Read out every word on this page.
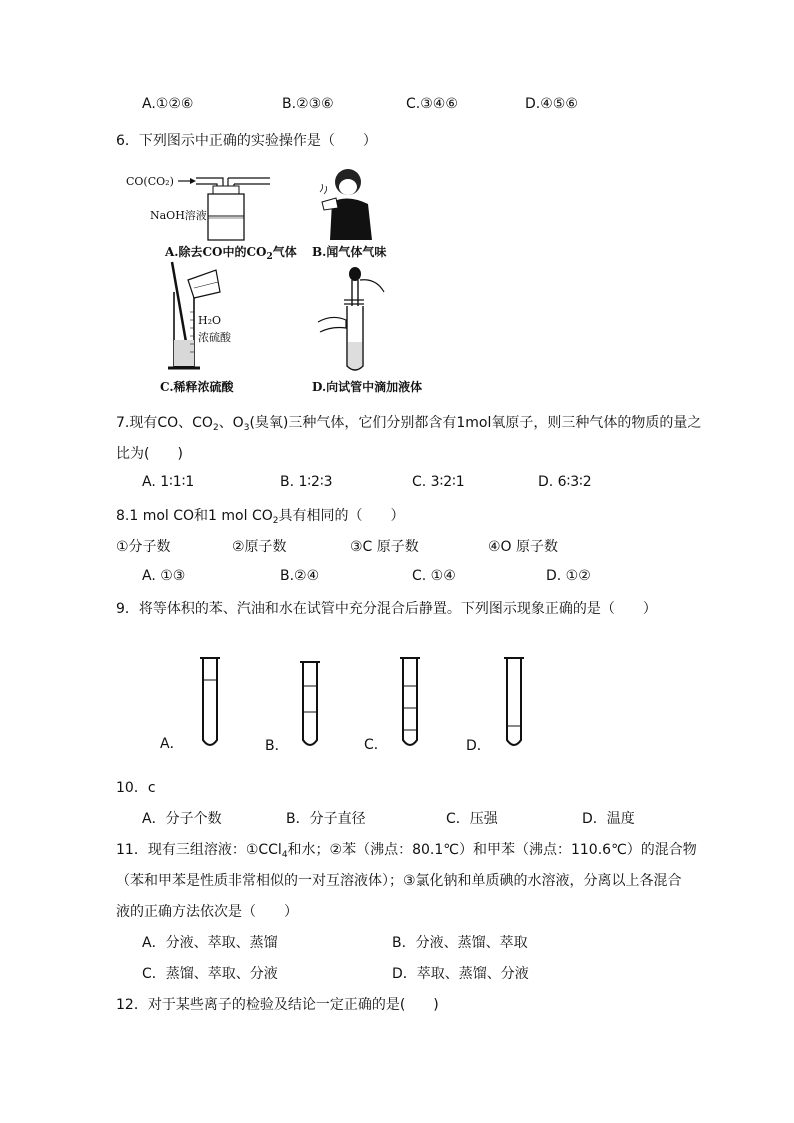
A.①②⑥	B.②③⑥	C.③④⑥	D.④⑤⑥
6．下列图示中正确的实验操作是（　　）
CO(CO₂)
NaOH溶液
A.除去CO中的$CO_2$气体 B.闻气体气味
H₂O
浓硫酸
C.稀释浓硫酸	D.向试管中滴加液体
7.现有CO、$CO_2$、$O_3$(臭氧)三种气体，它们分别都含有1mol氧原子，则三种气体的物质的量之
比为(　　)
A. 1∶1∶1	B. 1∶2∶3	C. 3∶2∶1	D. 6∶3∶2
8.1 mol CO和1 mol $CO_2$具有相同的（　　）
①分子数	②原子数	③C 原子数	④O 原子数
A. ①③	B.②④	C. ①④	D. ①②
9．将等体积的苯、汽油和水在试管中充分混合后静置。下列图示现象正确的是（　　）
A．	B．	C．	D．
10．c
A．分子个数	B．分子直径	C．压强	D．温度
11．现有三组溶液：①CCl$_4$和水；②苯（沸点：80.1℃）和甲苯（沸点：110.6℃）的混合物
（苯和甲苯是性质非常相似的一对互溶液体）；③氯化钠和单质碘的水溶液，分离以上各混合
液的正确方法依次是（　　）
A．分液、萃取、蒸馏	B．分液、蒸馏、萃取
C．蒸馏、萃取、分液	D．萃取、蒸馏、分液
12．对于某些离子的检验及结论一定正确的是(　　)
